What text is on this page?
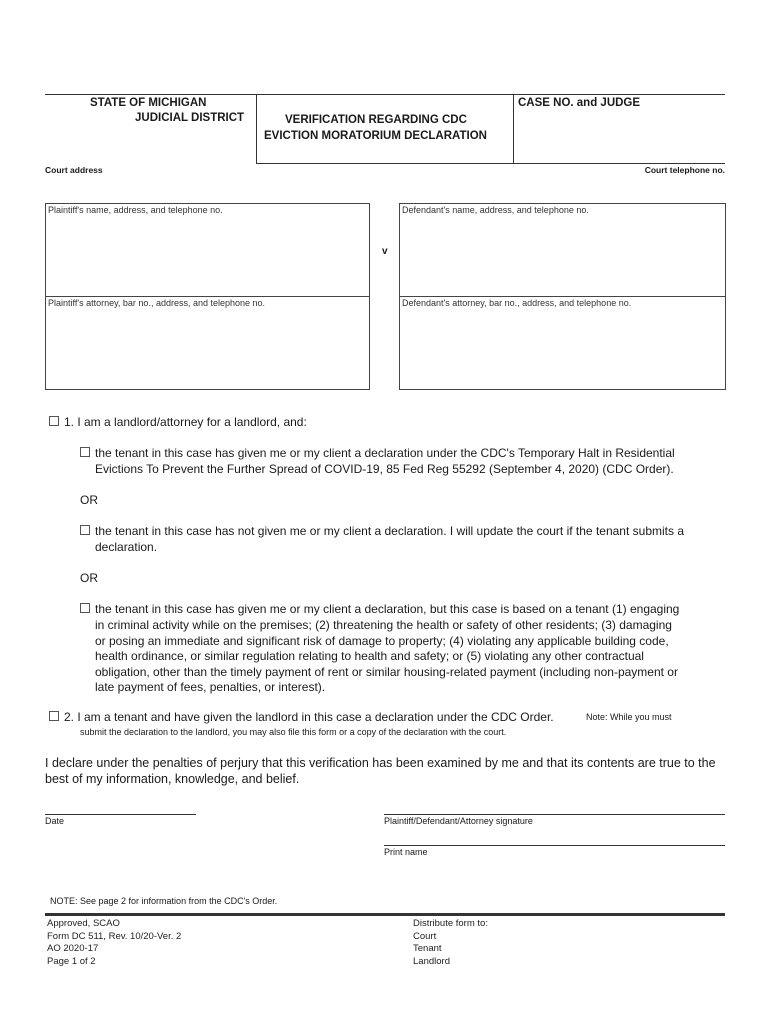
STATE OF MICHIGAN
JUDICIAL DISTRICT	VERIFICATION REGARDING CDC
EVICTION MORATORIUM DECLARATION
CASE NO. and JUDGE
Court address	Court telephone no.
Plaintiff's name, address, and telephone no.
Plaintiff's attorney, bar no., address, and telephone no.
v
Defendant's name, address, and telephone no.
Defendant's attorney, bar no., address, and telephone no.
1. I am a landlord/attorney for a landlord, and:
the tenant in this case has given me or my client a declaration under the CDC's Temporary Halt in Residential
Evictions To Prevent the Further Spread of COVID-19, 85 Fed Reg 55292 (September 4, 2020) (CDC Order).
OR
the tenant in this case has not given me or my client a declaration. I will update the court if the tenant submits a
declaration.
OR
the tenant in this case has given me or my client a declaration, but this case is based on a tenant (1) engaging
in criminal activity while on the premises; (2) threatening the health or safety of other residents; (3) damaging
or posing an immediate and significant risk of damage to property; (4) violating any applicable building code,
health ordinance, or similar regulation relating to health and safety; or (5) violating any other contractual
obligation, other than the timely payment of rent or similar housing-related payment (including non-payment or
late payment of fees, penalties, or interest).
2. I am a tenant and have given the landlord in this case a declaration under the CDC Order.	Note: While you must
submit the declaration to the landlord, you may also file this form or a copy of the declaration with the court.
I declare under the penalties of perjury that this verification has been examined by me and that its contents are true to the
best of my information, knowledge, and belief.
Date	Plaintiff/Defendant/Attorney signature
Print name
NOTE: See page 2 for information from the CDC's Order.
Approved, SCAO
Form DC 511, Rev. 10/20-Ver. 2
AO 2020-17
Page 1 of 2
Distribute form to:
Court
Tenant
Landlord
